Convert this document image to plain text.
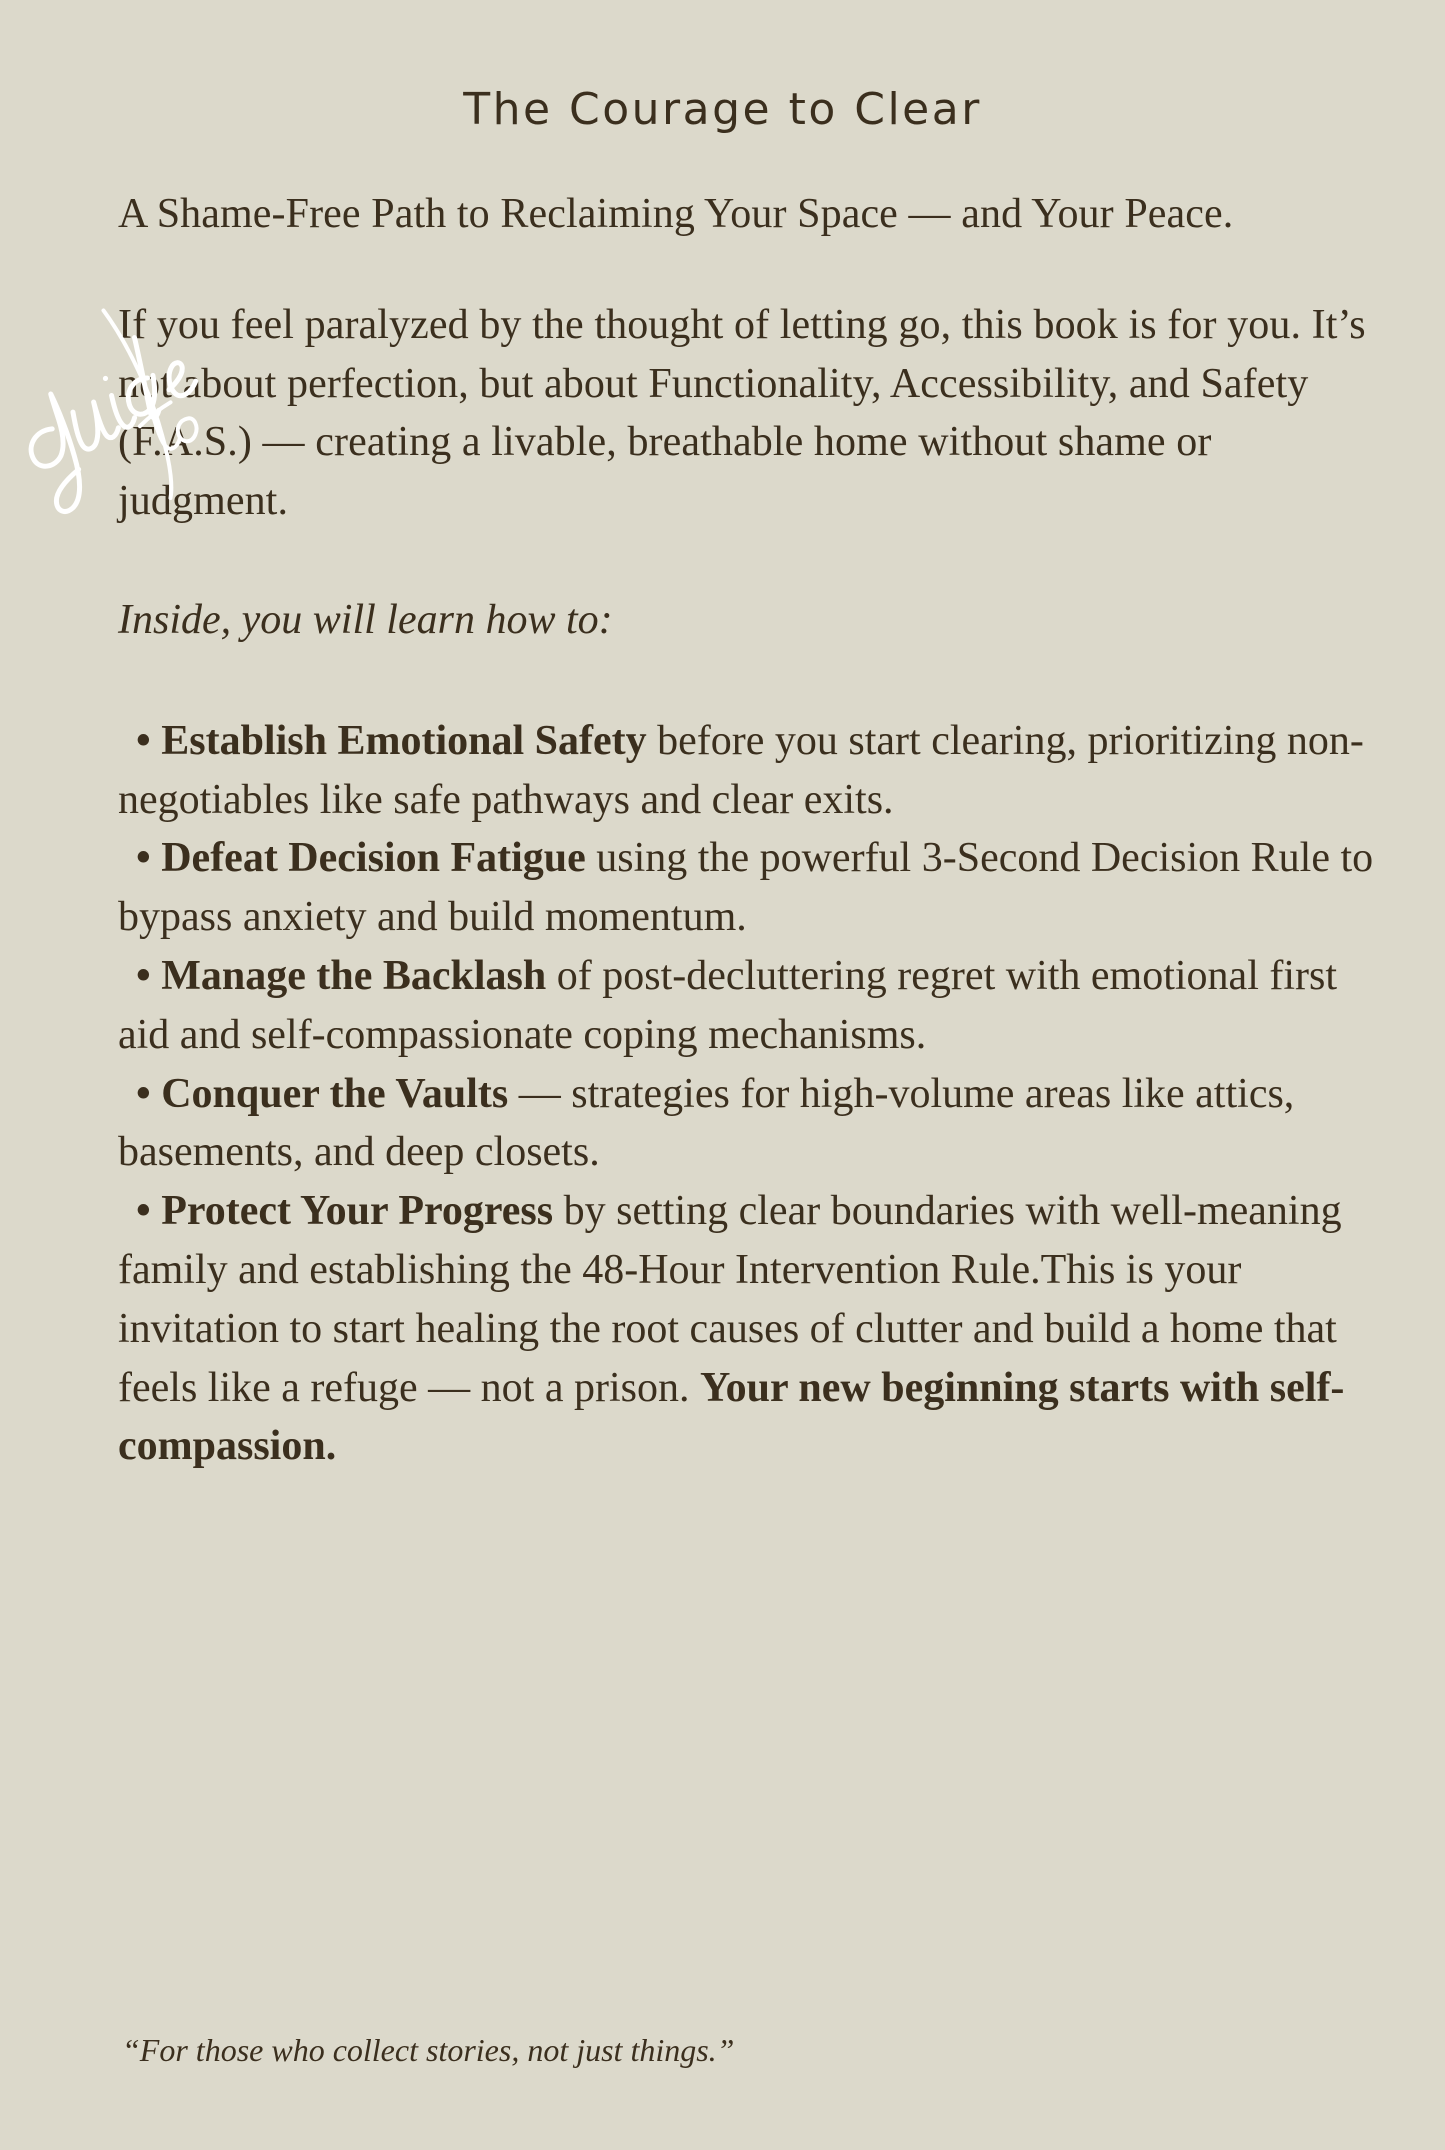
The Courage to Clear

A Shame-Free Path to Reclaiming Your Space — and Your Peace.

If you feel paralyzed by the thought of letting go, this book is for you. It’s not about perfection, but about Functionality, Accessibility, and Safety (F.A.S.) — creating a livable, breathable home without shame or judgment.

Inside, you will learn how to:

• Establish Emotional Safety before you start clearing, prioritizing non-negotiables like safe pathways and clear exits.
• Defeat Decision Fatigue using the powerful 3-Second Decision Rule to bypass anxiety and build momentum.
• Manage the Backlash of post-decluttering regret with emotional first aid and self-compassionate coping mechanisms.
• Conquer the Vaults — strategies for high-volume areas like attics, basements, and deep closets.
• Protect Your Progress by setting clear boundaries with well-meaning family and establishing the 48-Hour Intervention Rule.This is your invitation to start healing the root causes of clutter and build a home that feels like a refuge — not a prison. Your new beginning starts with self-compassion.
“For those who collect stories, not just things.”
